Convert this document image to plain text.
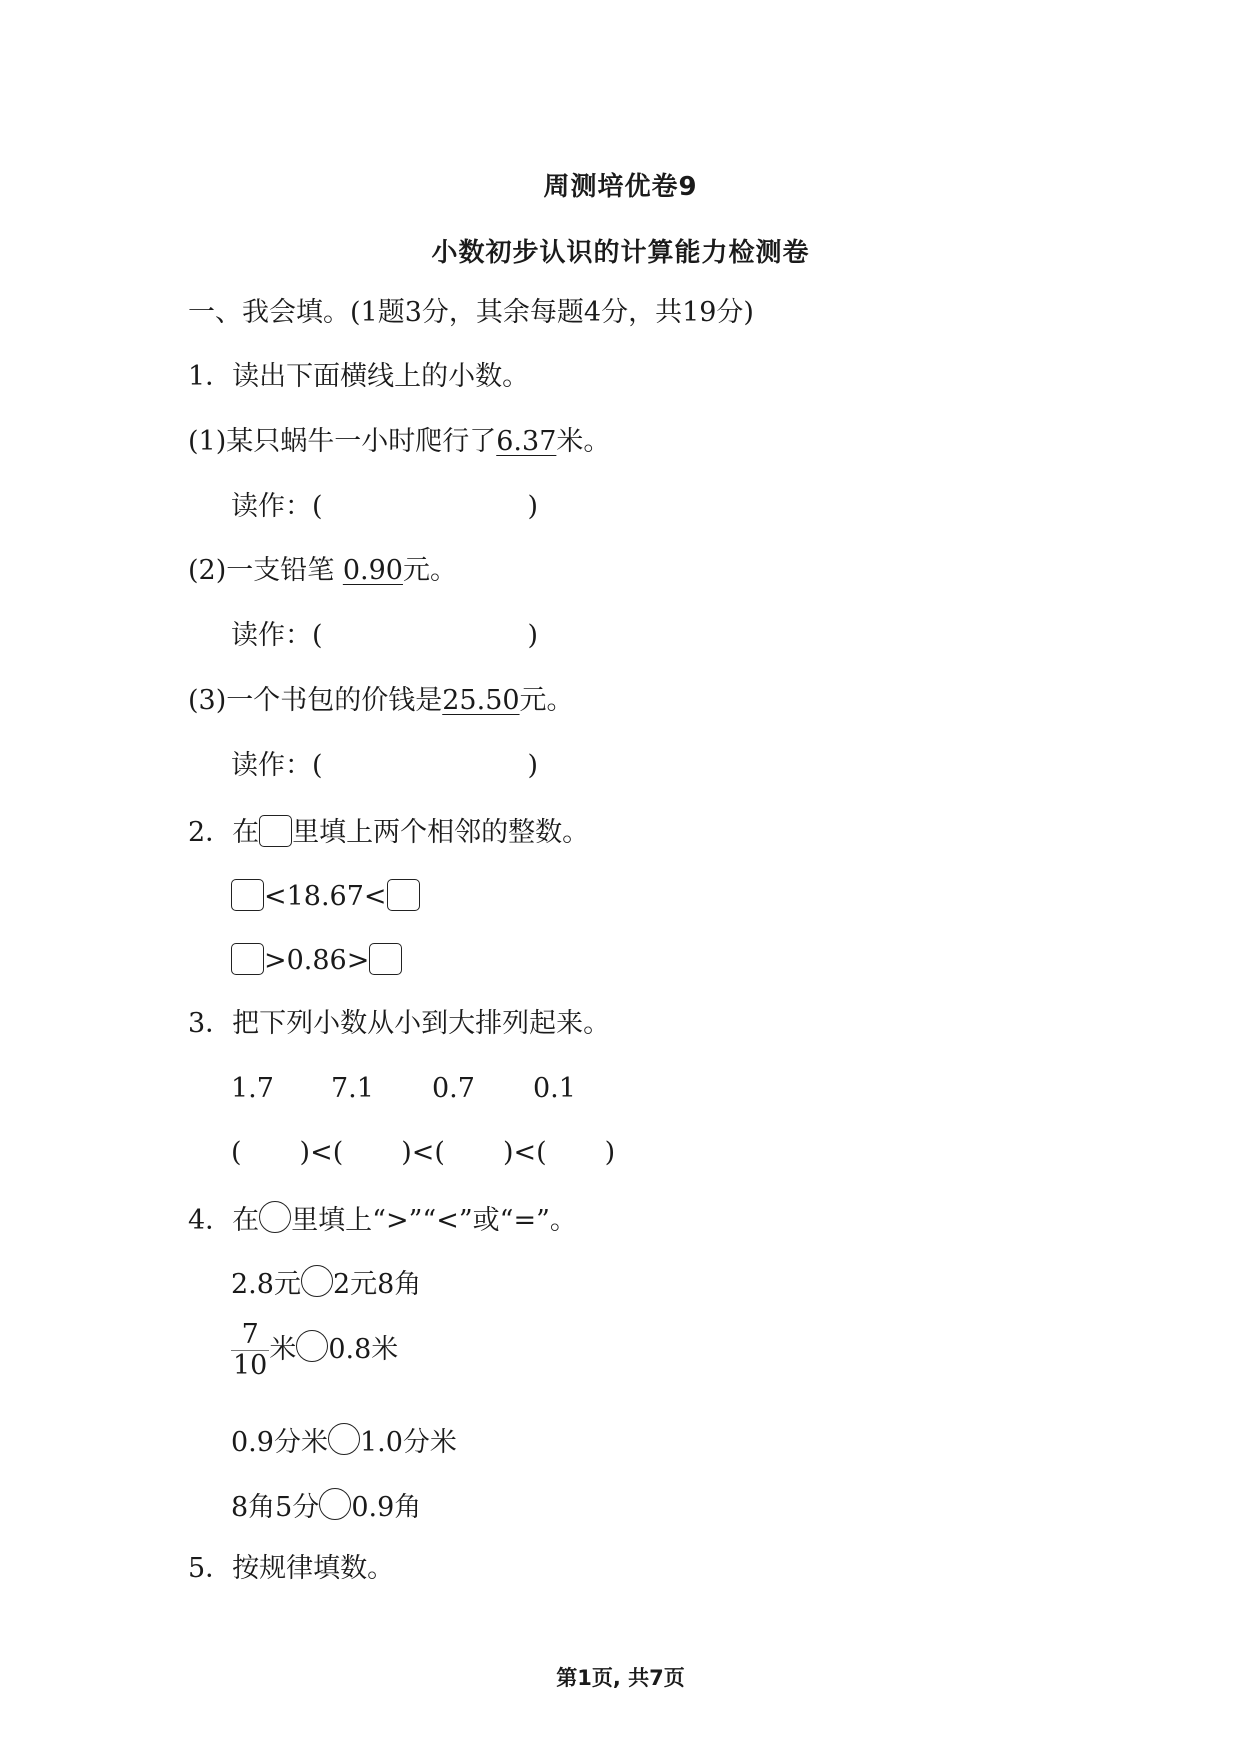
周测培优卷9
小数初步认识的计算能力检测卷
一、我会填。(1题3分，其余每题4分，共19分)
1．读出下面横线上的小数。
(1)某只蜗牛一小时爬行了6.37米。
读作：(	)
(2)一支铅笔 0.90元。
读作：(	)
(3)一个书包的价钱是25.50元。
读作：(	)
2．在 里填上两个相邻的整数。
<18.67<
>0.86>
3．把下列小数从小到大排列起来。
1.7 7.1 0.7 0.1
( )<( )<( )<( )
4．在 里填上“>”“<”或“=”。
2.8元 2元8角
$\frac{7}{10}$ 米 0.8米
0.9分米 1.0分米
8角5分 0.9角
5．按规律填数。
第1页, 共7页
